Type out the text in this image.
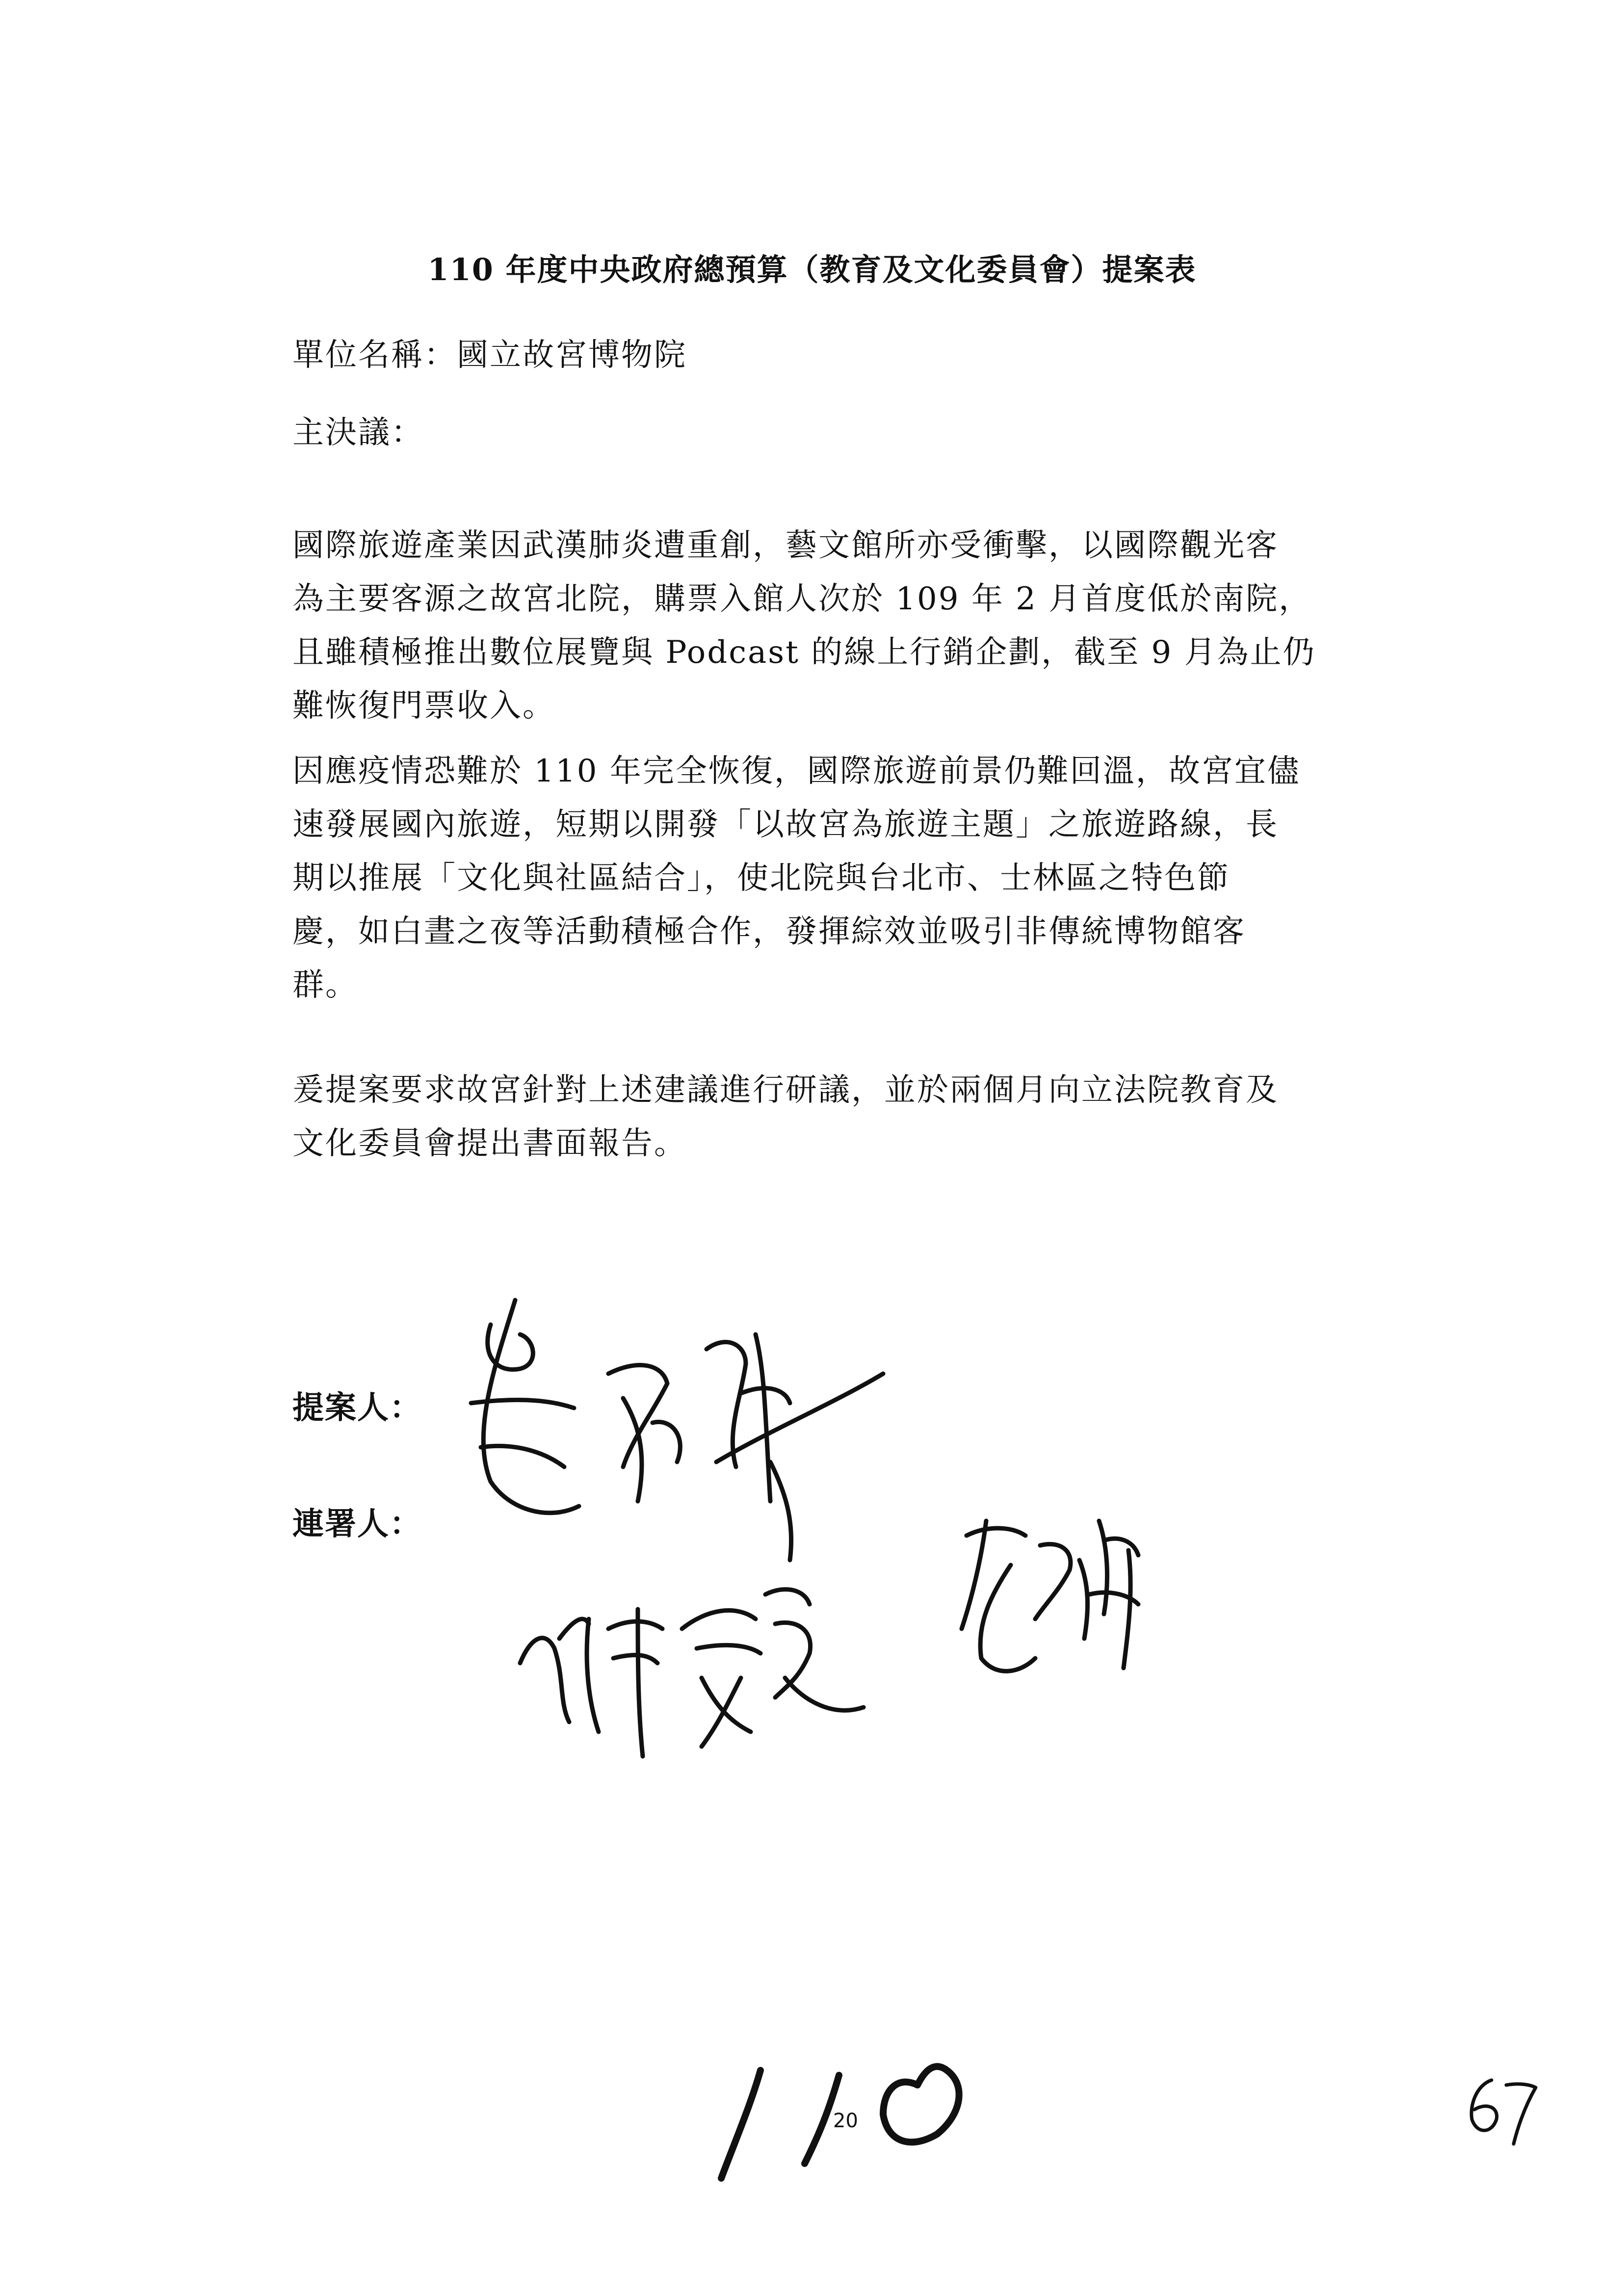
110 年度中央政府總預算（教育及文化委員會）提案表
單位名稱：國立故宮博物院
主決議：
國際旅遊產業因武漢肺炎遭重創，藝文館所亦受衝擊，以國際觀光客
為主要客源之故宮北院，購票入館人次於 109 年 2 月首度低於南院，
且雖積極推出數位展覽與 Podcast 的線上行銷企劃，截至 9 月為止仍
難恢復門票收入。
因應疫情恐難於 110 年完全恢復，國際旅遊前景仍難回溫，故宮宜儘
速發展國內旅遊，短期以開發「以故宮為旅遊主題」之旅遊路線，長
期以推展「文化與社區結合」，使北院與台北市、士林區之特色節
慶，如白晝之夜等活動積極合作，發揮綜效並吸引非傳統博物館客
群。
爰提案要求故宮針對上述建議進行研議，並於兩個月向立法院教育及
文化委員會提出書面報告。
提案人：
連署人：
20
